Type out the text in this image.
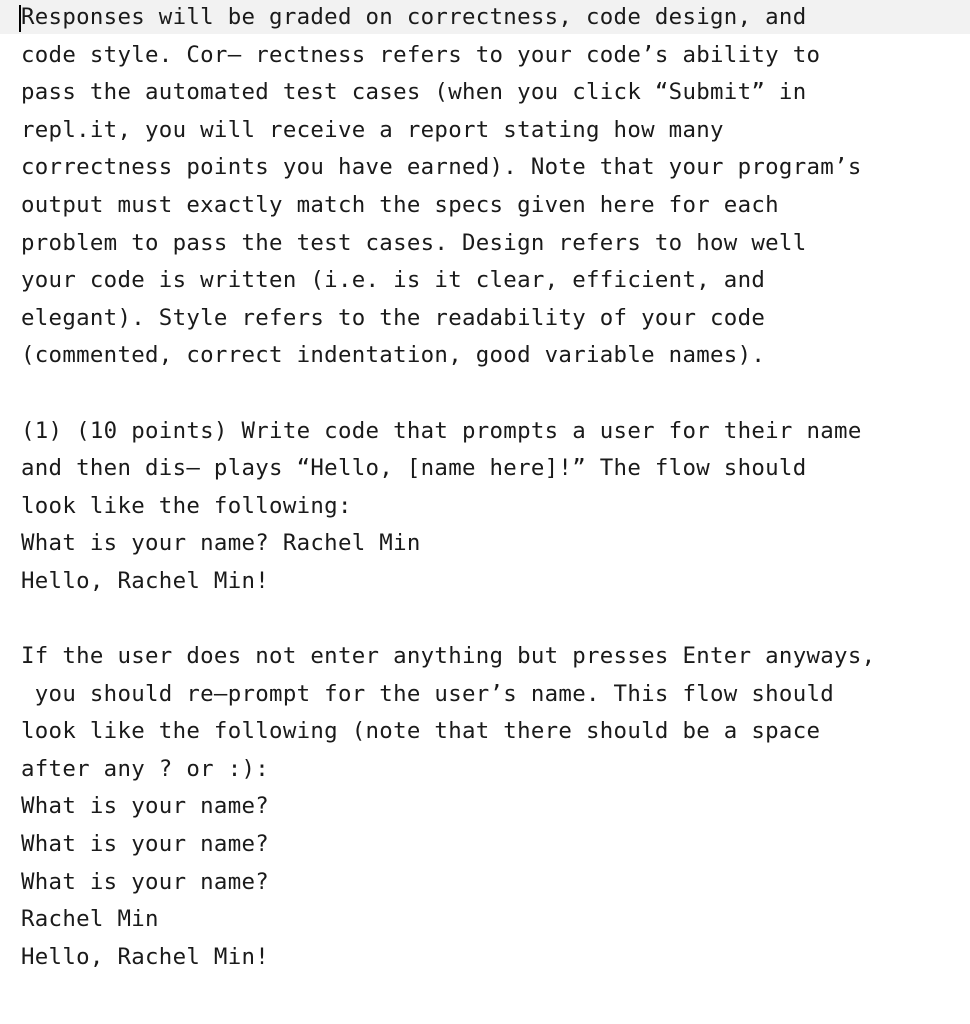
Responses will be graded on correctness, code design, and
code style. Cor– rectness refers to your code’s ability to
pass the automated test cases (when you click “Submit” in
repl.it, you will receive a report stating how many
correctness points you have earned). Note that your program’s
output must exactly match the specs given here for each
problem to pass the test cases. Design refers to how well
your code is written (i.e. is it clear, efficient, and
elegant). Style refers to the readability of your code
(commented, correct indentation, good variable names).
(1) (10 points) Write code that prompts a user for their name
and then dis– plays “Hello, [name here]!” The flow should
look like the following:
What is your name? Rachel Min
Hello, Rachel Min!
If the user does not enter anything but presses Enter anyways,
you should re–prompt for the user’s name. This flow should
look like the following (note that there should be a space
after any ? or :):
What is your name?
What is your name?
What is your name?
Rachel Min
Hello, Rachel Min!
